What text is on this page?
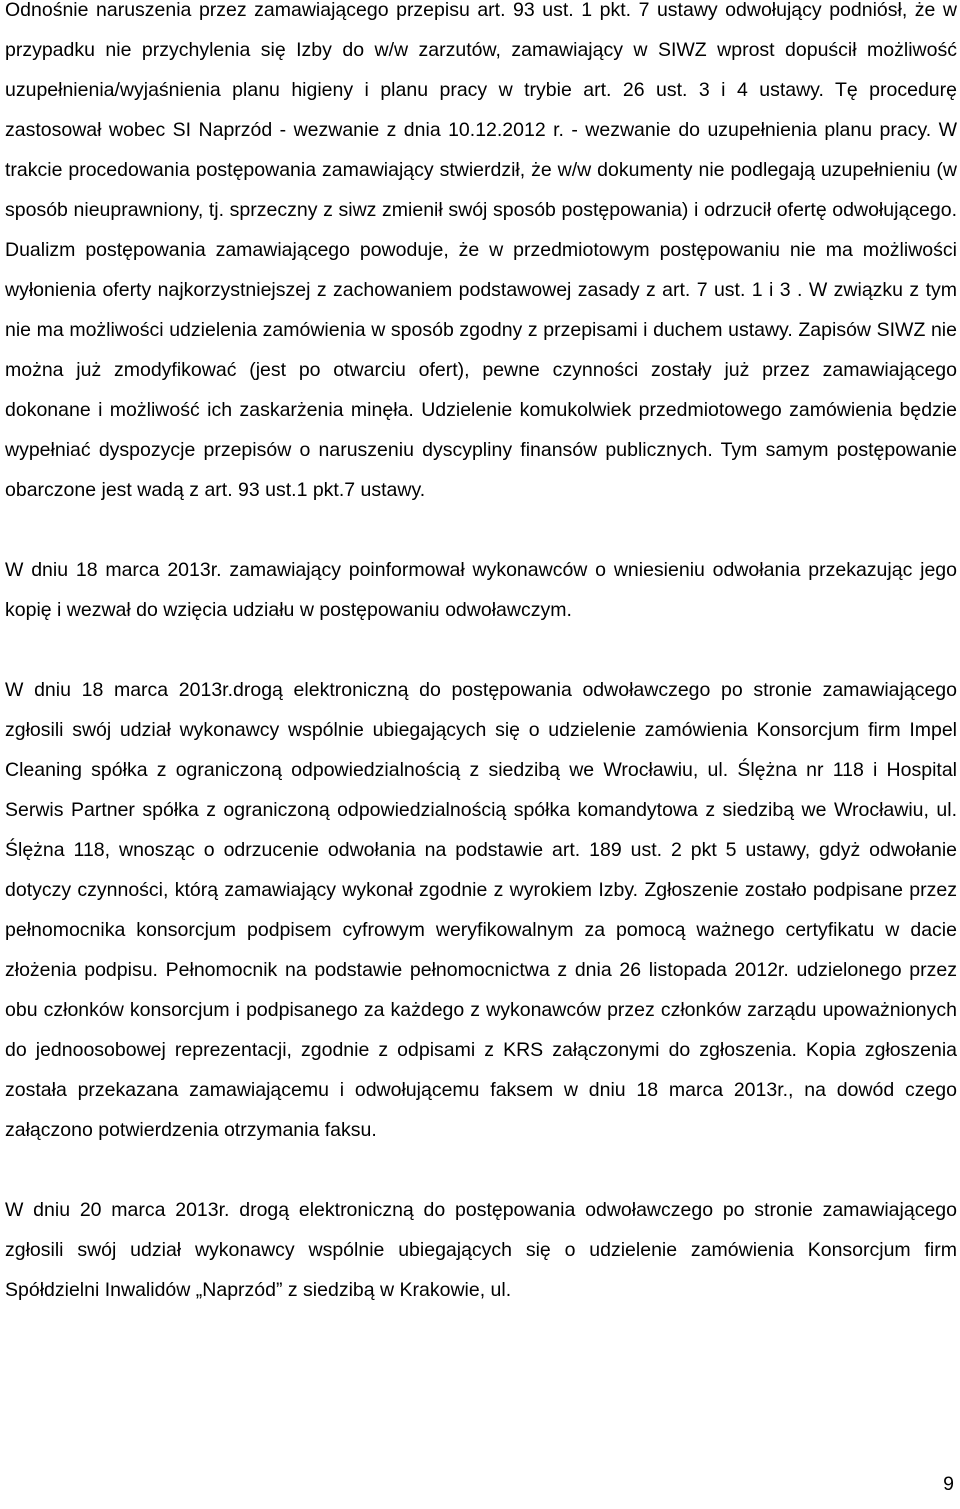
Odnośnie naruszenia przez zamawiającego przepisu art. 93 ust. 1 pkt. 7 ustawy odwołujący podniósł, że w przypadku nie przychylenia się Izby do w/w zarzutów, zamawiający w SIWZ wprost dopuścił możliwość uzupełnienia/wyjaśnienia planu higieny i planu pracy w trybie art. 26 ust. 3 i 4 ustawy. Tę procedurę zastosował wobec SI Naprzód - wezwanie z dnia 10.12.2012 r. - wezwanie do uzupełnienia planu pracy. W trakcie procedowania postępowania zamawiający stwierdził, że w/w dokumenty nie podlegają uzupełnieniu (w sposób nieuprawniony, tj. sprzeczny z siwz zmienił swój sposób postępowania) i odrzucił ofertę odwołującego. Dualizm postępowania zamawiającego powoduje, że w przedmiotowym postępowaniu nie ma możliwości wyłonienia oferty najkorzystniejszej z zachowaniem podstawowej zasady z art. 7 ust. 1 i 3 . W związku z tym nie ma możliwości udzielenia zamówienia w sposób zgodny z przepisami i duchem ustawy. Zapisów SIWZ nie można już zmodyfikować (jest po otwarciu ofert), pewne czynności zostały już przez zamawiającego dokonane i możliwość ich zaskarżenia minęła. Udzielenie komukolwiek przedmiotowego zamówienia będzie wypełniać dyspozycje przepisów o naruszeniu dyscypliny finansów publicznych. Tym samym postępowanie obarczone jest wadą z art. 93 ust.1 pkt.7 ustawy.

W dniu 18 marca 2013r. zamawiający poinformował wykonawców o wniesieniu odwołania przekazując jego kopię i wezwał do wzięcia udziału w postępowaniu odwoławczym.

W dniu 18 marca 2013r.drogą elektroniczną do postępowania odwoławczego po stronie zamawiającego zgłosili swój udział wykonawcy wspólnie ubiegających się o udzielenie zamówienia Konsorcjum firm Impel Cleaning spółka z ograniczoną odpowiedzialnością z siedzibą we Wrocławiu, ul. Ślężna nr 118 i Hospital Serwis Partner spółka z ograniczoną odpowiedzialnością spółka komandytowa z siedzibą we Wrocławiu, ul. Ślężna 118, wnosząc o odrzucenie odwołania na podstawie art. 189 ust. 2 pkt 5 ustawy, gdyż odwołanie dotyczy czynności, którą zamawiający wykonał zgodnie z wyrokiem Izby. Zgłoszenie zostało podpisane przez pełnomocnika konsorcjum podpisem cyfrowym weryfikowalnym za pomocą ważnego certyfikatu w dacie złożenia podpisu. Pełnomocnik na podstawie pełnomocnictwa z dnia 26 listopada 2012r. udzielonego przez obu członków konsorcjum i podpisanego za każdego z wykonawców przez członków zarządu upoważnionych do jednoosobowej reprezentacji, zgodnie z odpisami z KRS załączonymi do zgłoszenia. Kopia zgłoszenia została przekazana zamawiającemu i odwołującemu faksem w dniu 18 marca 2013r., na dowód czego załączono potwierdzenia otrzymania faksu.

W dniu 20 marca 2013r. drogą elektroniczną do postępowania odwoławczego po stronie zamawiającego zgłosili swój udział wykonawcy wspólnie ubiegających się o udzielenie zamówienia Konsorcjum firm Spółdzielni Inwalidów „Naprzód” z siedzibą w Krakowie, ul.

9
